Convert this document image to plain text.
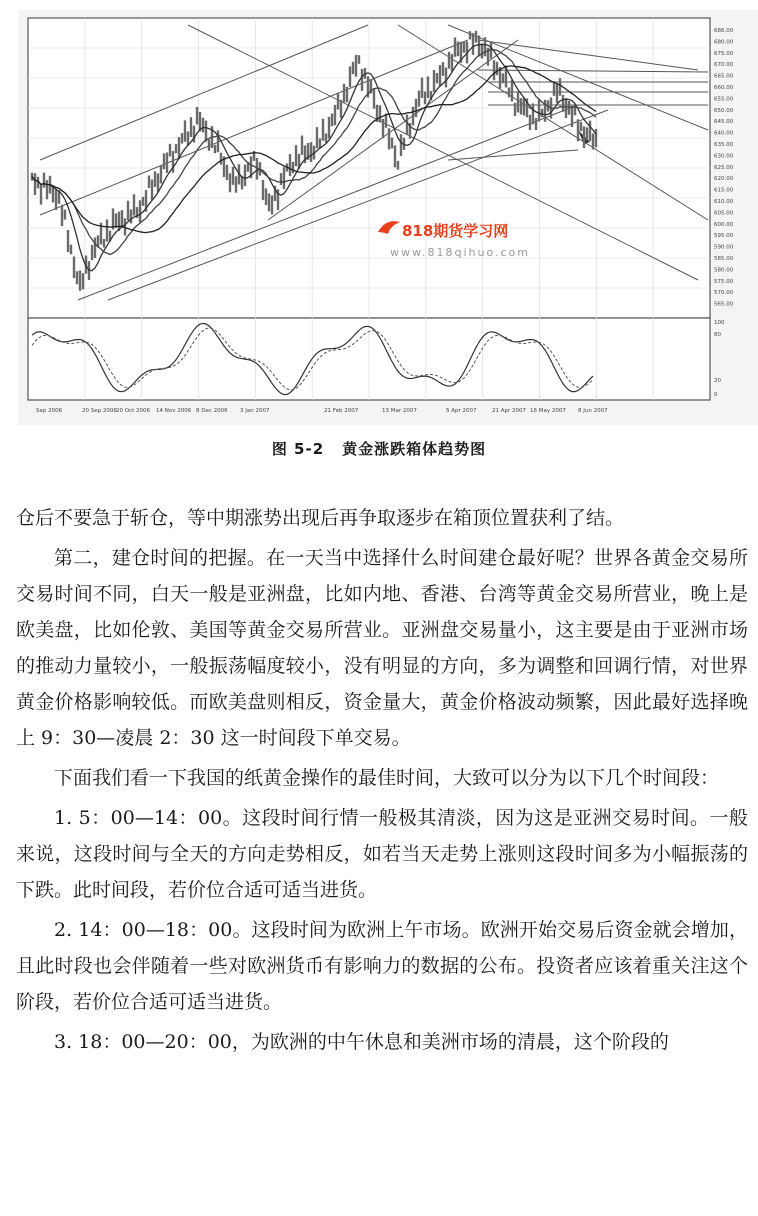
686.00
680.00
675.00
670.00
665.00
660.00
655.00
650.00
645.00
640.00
635.00
630.00
625.00
620.00
615.00
610.00
605.00
600.00
595.00
590.00
585.00
580.00
575.00
570.00
565.00
100
80
20
0
Sep 2006	20 Sep 2006 20 Oct 2006 14 Nov 2006 8 Dec 2006 3 Jan 2007	21 Feb 2007	13 Mar 2007	5 Apr 2007	21 Apr 2007 16 May 2007 8 Jun 2007
818期货学习网
www.818qihuo.com
图 5-2 黄金涨跌箱体趋势图

仓后不要急于斩仓，等中期涨势出现后再争取逐步在箱顶位置获利了结。

第二，建仓时间的把握。在一天当中选择什么时间建仓最好呢？世界各黄金交易所交易时间不同，白天一般是亚洲盘，比如内地、香港、台湾等黄金交易所营业，晚上是欧美盘，比如伦敦、美国等黄金交易所营业。亚洲盘交易量小，这主要是由于亚洲市场的推动力量较小，一般振荡幅度较小，没有明显的方向，多为调整和回调行情，对世界黄金价格影响较低。而欧美盘则相反，资金量大，黄金价格波动频繁，因此最好选择晚上 9：30—凌晨 2：30 这一时间段下单交易。

下面我们看一下我国的纸黄金操作的最佳时间，大致可以分为以下几个时间段：

1. 5：00—14：00。这段时间行情一般极其清淡，因为这是亚洲交易时间。一般来说，这段时间与全天的方向走势相反，如若当天走势上涨则这段时间多为小幅振荡的下跌。此时间段，若价位合适可适当进货。

2. 14：00—18：00。这段时间为欧洲上午市场。欧洲开始交易后资金就会增加，且此时段也会伴随着一些对欧洲货币有影响力的数据的公布。投资者应该着重关注这个阶段，若价位合适可适当进货。

3. 18：00—20：00，为欧洲的中午休息和美洲市场的清晨，这个阶段的
